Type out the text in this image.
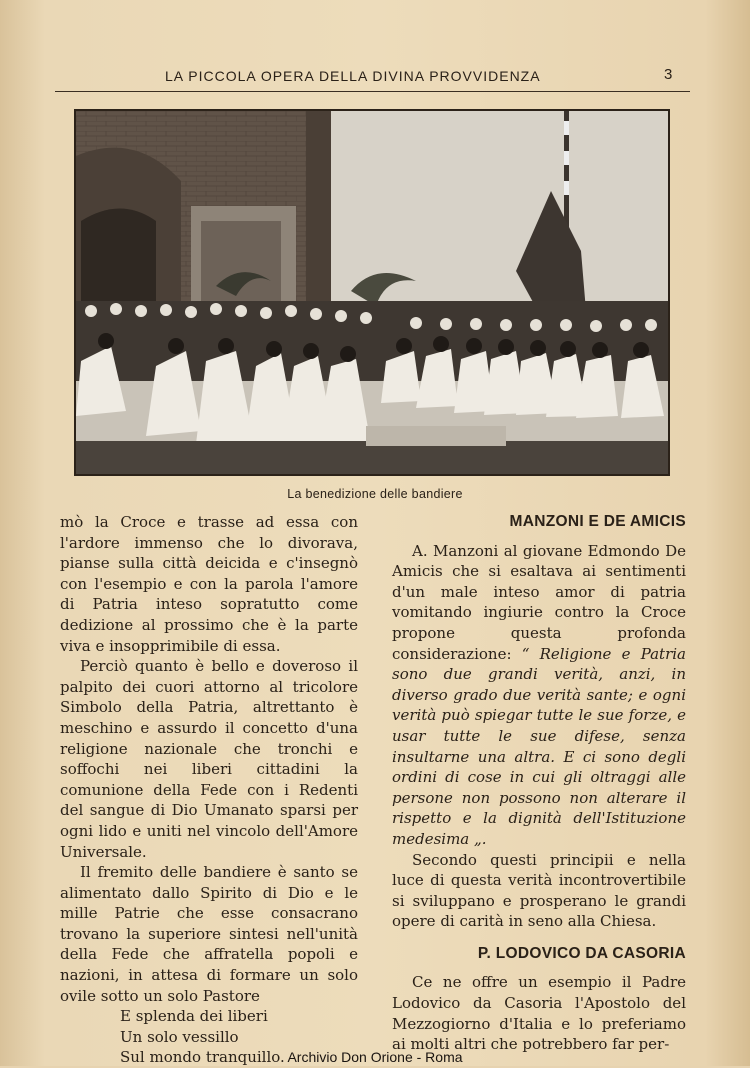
LA PICCOLA OPERA DELLA DIVINA PROVVIDENZA	3
La benedizione delle bandiere

mò la Croce e trasse ad essa con l'ardore immenso che lo divorava, pianse sulla città deicida e c'insegnò con l'esempio e con la parola l'amore di Patria inteso sopratutto come dedizione al prossimo che è la parte viva e insopprimibile di essa.

Perciò quanto è bello e doveroso il palpito dei cuori attorno al tricolore Simbolo della Patria, altrettanto è meschino e assurdo il concetto d'una religione nazionale che tronchi e soffochi nei liberi cittadini la comunione della Fede con i Redenti del sangue di Dio Umanato sparsi per ogni lido e uniti nel vincolo dell'Amore Universale.

Il fremito delle bandiere è santo se alimentato dallo Spirito di Dio e le mille Patrie che esse consacrano trovano la superiore sintesi nell'unità della Fede che affratella popoli e nazioni, in attesa di formare un solo ovile sotto un solo Pastore

E splenda dei liberi
Un solo vessillo
Sul mondo tranquillo.
MANZONI E DE AMICIS

A. Manzoni al giovane Edmondo De Amicis che si esaltava ai sentimenti d'un male inteso amor di patria vomitando ingiurie contro la Croce propone questa profonda considerazione: “ Religione e Patria sono due grandi verità, anzi, in diverso grado due verità sante; e ogni verità può spiegar tutte le sue forze, e usar tutte le sue difese, senza insultarne una altra. E ci sono degli ordini di cose in cui gli oltraggi alle persone non possono non alterare il rispetto e la dignità dell'Istituzione medesima „.

Secondo questi principii e nella luce di questa verità incontrovertibile si sviluppano e prosperano le grandi opere di carità in seno alla Chiesa.

P. LODOVICO DA CASORIA

Ce ne offre un esempio il Padre Lodovico da Casoria l'Apostolo del Mezzogiorno d'Italia e lo preferiamo ai molti altri che potrebbero far per-

Archivio Don Orione - Roma
